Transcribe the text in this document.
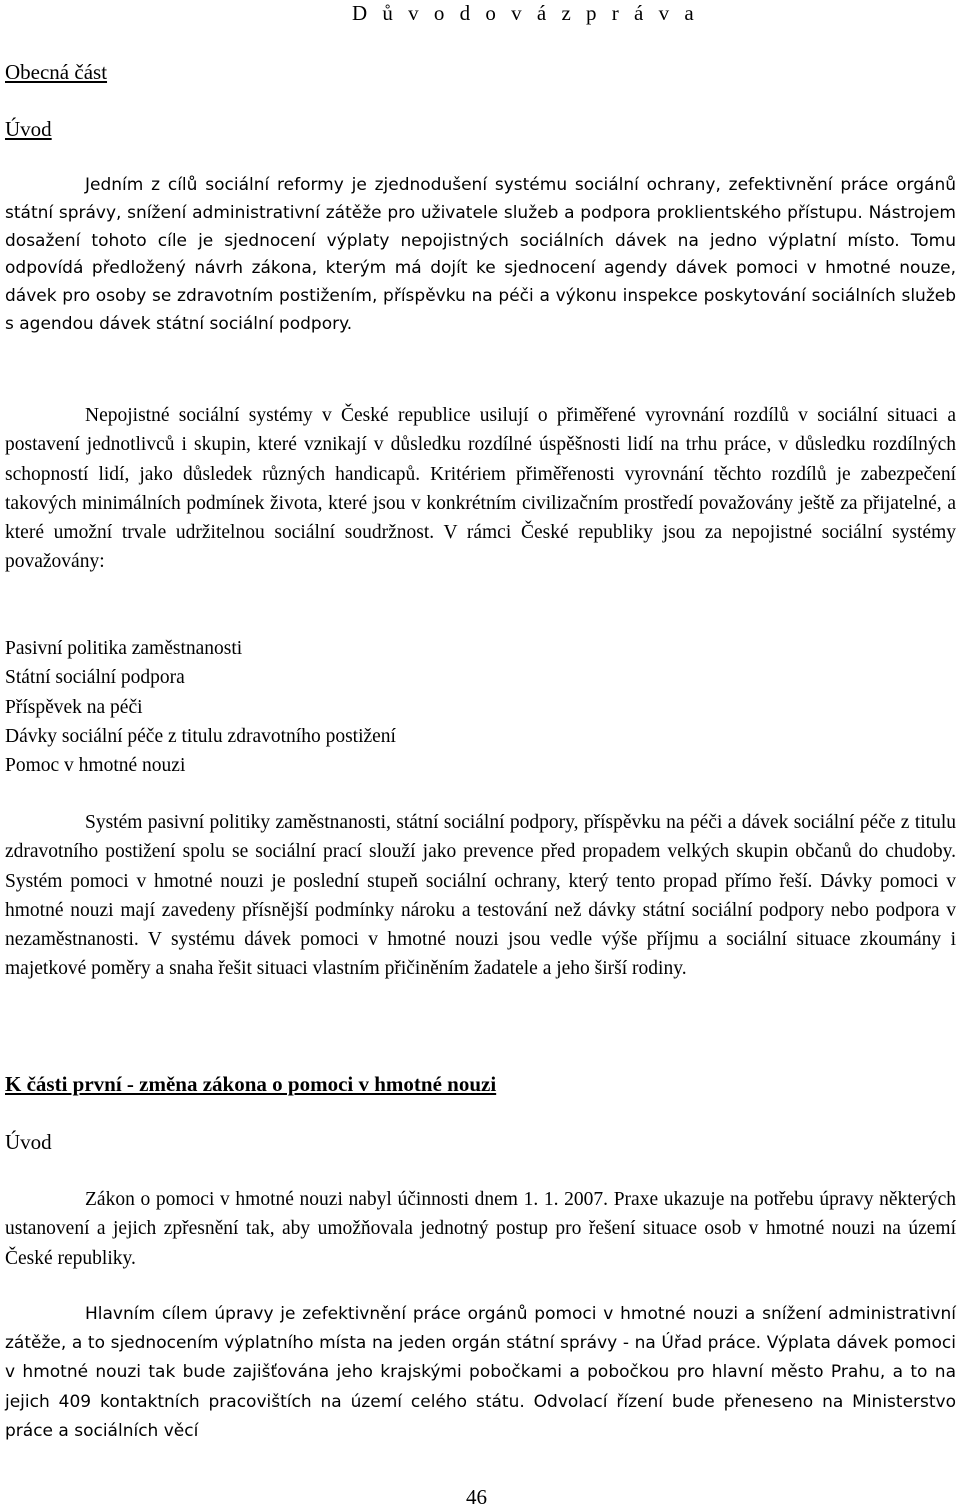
D ů v o d o v á z p r á v a
Obecná část
Úvod

Jedním z cílů sociální reformy je zjednodušení systému sociální ochrany, zefektivnění práce orgánů státní správy, snížení administrativní zátěže pro uživatele služeb a podpora proklientského přístupu. Nástrojem dosažení tohoto cíle je sjednocení výplaty nepojistných sociálních dávek na jedno výplatní místo. Tomu odpovídá předložený návrh zákona, kterým má dojít ke sjednocení agendy dávek pomoci v hmotné nouze, dávek pro osoby se zdravotním postižením, příspěvku na péči a výkonu inspekce poskytování sociálních služeb s agendou dávek státní sociální podpory.

Nepojistné sociální systémy v České republice usilují o přiměřené vyrovnání rozdílů v sociální situaci a postavení jednotlivců i skupin, které vznikají v důsledku rozdílné úspěšnosti lidí na trhu práce, v důsledku rozdílných schopností lidí, jako důsledek různých handicapů. Kritériem přiměřenosti vyrovnání těchto rozdílů je zabezpečení takových minimálních podmínek života, které jsou v konkrétním civilizačním prostředí považovány ještě za přijatelné, a které umožní trvale udržitelnou sociální soudržnost. V rámci České republiky jsou za nepojistné sociální systémy považovány:

Pasivní politika zaměstnanosti
Státní sociální podpora
Příspěvek na péči
Dávky sociální péče z titulu zdravotního postižení
Pomoc v hmotné nouzi

Systém pasivní politiky zaměstnanosti, státní sociální podpory, příspěvku na péči a dávek sociální péče z titulu zdravotního postižení spolu se sociální prací slouží jako prevence před propadem velkých skupin občanů do chudoby. Systém pomoci v hmotné nouzi je poslední stupeň sociální ochrany, který tento propad přímo řeší. Dávky pomoci v hmotné nouzi mají zavedeny přísnější podmínky nároku a testování než dávky státní sociální podpory nebo podpora v nezaměstnanosti. V systému dávek pomoci v hmotné nouzi jsou vedle výše příjmu a sociální situace zkoumány i majetkové poměry a snaha řešit situaci vlastním přičiněním žadatele a jeho širší rodiny.

K části první - změna zákona o pomoci v hmotné nouzi
Úvod

Zákon o pomoci v hmotné nouzi nabyl účinnosti dnem 1. 1. 2007. Praxe ukazuje na potřebu úpravy některých ustanovení a jejich zpřesnění tak, aby umožňovala jednotný postup pro řešení situace osob v hmotné nouzi na území České republiky.

Hlavním cílem úpravy je zefektivnění práce orgánů pomoci v hmotné nouzi a snížení administrativní zátěže, a to sjednocením výplatního místa na jeden orgán státní správy - na Úřad práce. Výplata dávek pomoci v hmotné nouzi tak bude zajišťována jeho krajskými pobočkami a pobočkou pro hlavní město Prahu, a to na jejich 409 kontaktních pracovištích na území celého státu. Odvolací řízení bude přeneseno na Ministerstvo práce a sociálních věcí

46
